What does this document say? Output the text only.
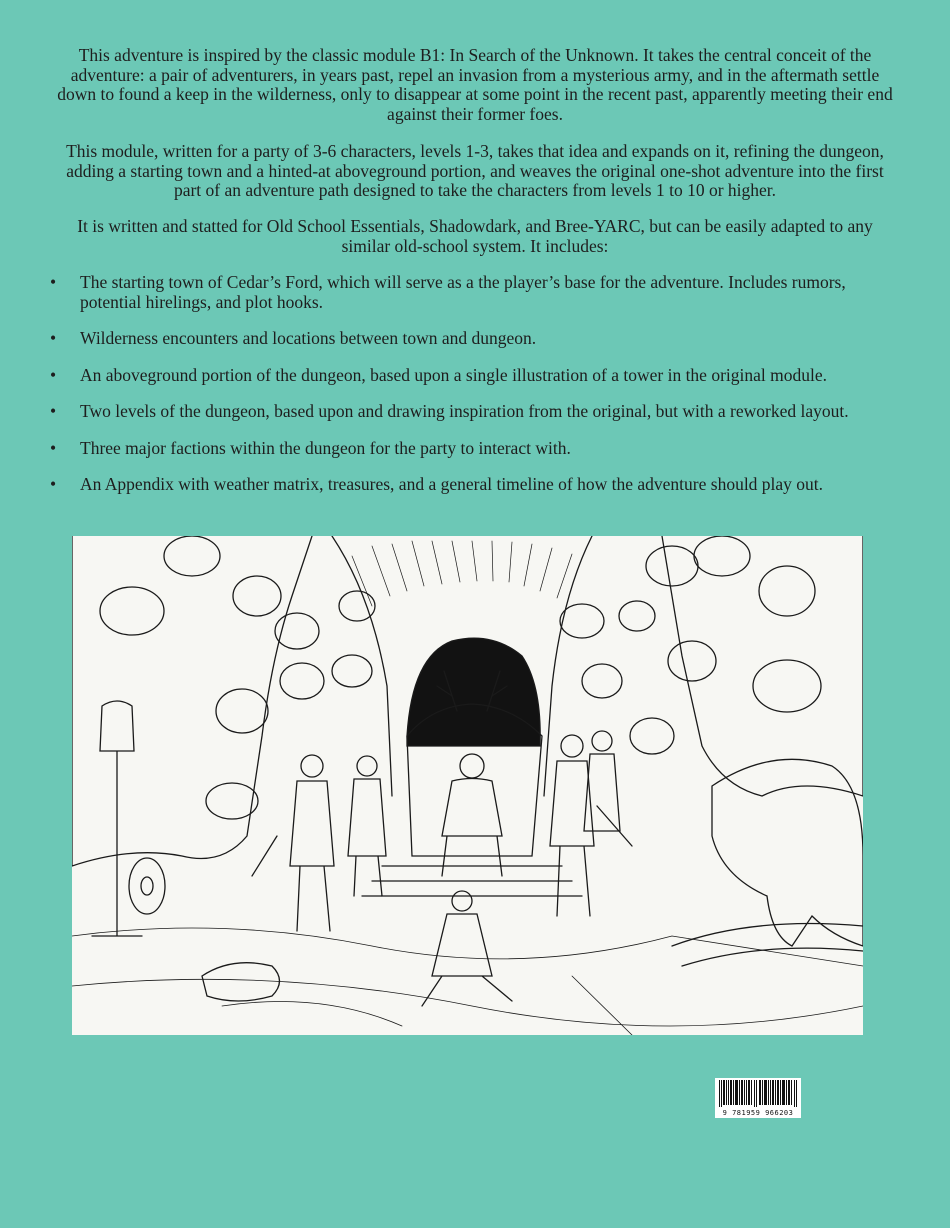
This adventure is inspired by the classic module B1: In Search of the Unknown. It takes the central conceit of the adventure: a pair of adventurers, in years past, repel an invasion from a mysterious army, and in the aftermath settle down to found a keep in the wilderness, only to disappear at some point in the recent past, apparently meeting their end against their former foes.

This module, written for a party of 3-6 characters, levels 1-3, takes that idea and expands on it, refining the dungeon, adding a starting town and a hinted-at aboveground portion, and weaves the original one-shot adventure into the first part of an adventure path designed to take the characters from levels 1 to 10 or higher.

It is written and statted for Old School Essentials, Shadowdark, and Bree-YARC, but can be easily adapted to any similar old-school system. It includes:

• The starting town of Cedar’s Ford, which will serve as a the player’s base for the adventure. Includes rumors, potential hirelings, and plot hooks.
• Wilderness encounters and locations between town and dungeon.
• An aboveground portion of the dungeon, based upon a single illustration of a tower in the original module.
• Two levels of the dungeon, based upon and drawing inspiration from the original, but with a reworked layout.
• Three major factions within the dungeon for the party to interact with.
• An Appendix with weather matrix, treasures, and a general timeline of how the adventure should play out.
9 781959 966203
